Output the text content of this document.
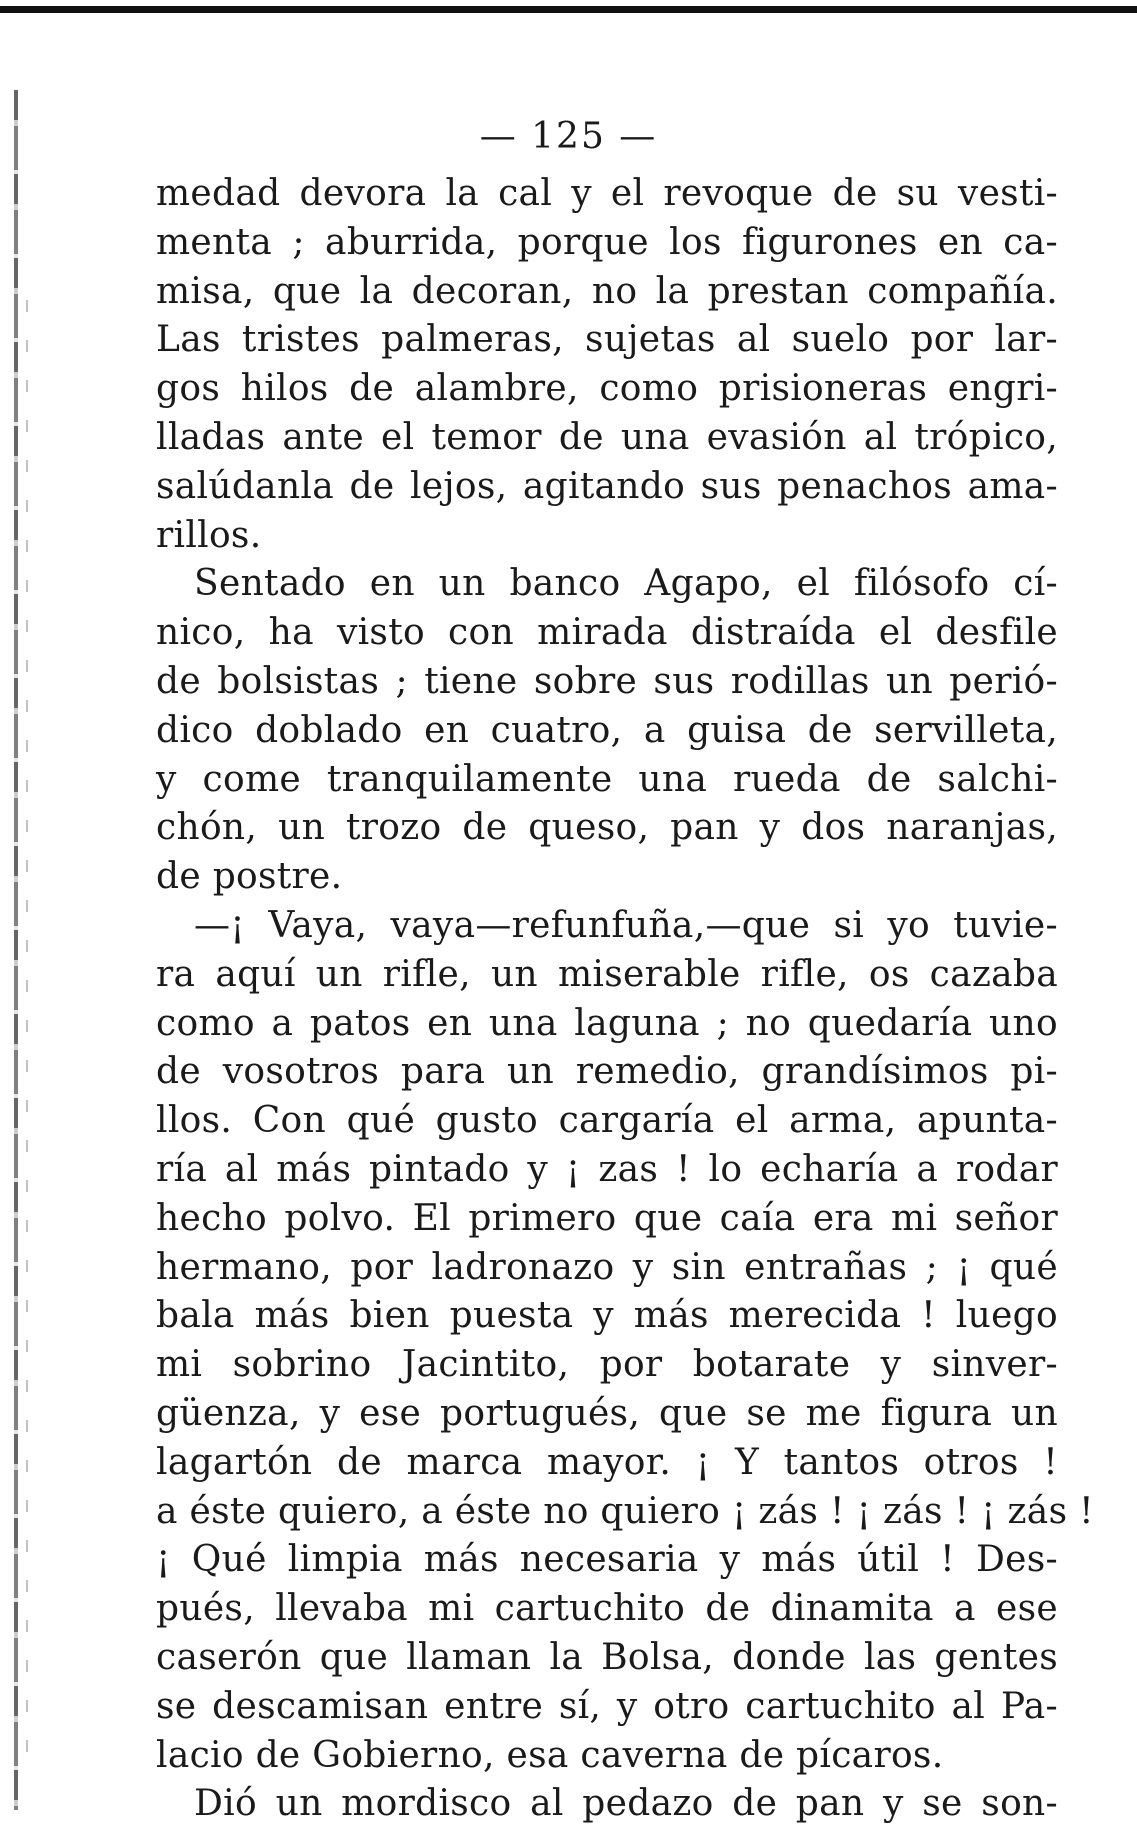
— 125 —
medad devora la cal y el revoque de su vesti-
menta ; aburrida, porque los figurones en ca-
misa, que la decoran, no la prestan compañía.
Las tristes palmeras, sujetas al suelo por lar-
gos hilos de alambre, como prisioneras engri-
lladas ante el temor de una evasión al trópico,
salúdanla de lejos, agitando sus penachos ama-
rillos.
Sentado en un banco Agapo, el filósofo cí-
nico, ha visto con mirada distraída el desfile
de bolsistas ; tiene sobre sus rodillas un perió-
dico doblado en cuatro, a guisa de servilleta,
y come tranquilamente una rueda de salchi-
chón, un trozo de queso, pan y dos naranjas,
de postre.
—¡ Vaya, vaya—refunfuña,—que si yo tuvie-
ra aquí un rifle, un miserable rifle, os cazaba
como a patos en una laguna ; no quedaría uno
de vosotros para un remedio, grandísimos pi-
llos. Con qué gusto cargaría el arma, apunta-
ría al más pintado y ¡ zas ! lo echaría a rodar
hecho polvo. El primero que caía era mi señor
hermano, por ladronazo y sin entrañas ; ¡ qué
bala más bien puesta y más merecida ! luego
mi sobrino Jacintito, por botarate y sinver-
güenza, y ese portugués, que se me figura un
lagartón de marca mayor. ¡ Y tantos otros !
a éste quiero, a éste no quiero ¡ zás ! ¡ zás ! ¡ zás !
¡ Qué limpia más necesaria y más útil ! Des-
pués, llevaba mi cartuchito de dinamita a ese
caserón que llaman la Bolsa, donde las gentes
se descamisan entre sí, y otro cartuchito al Pa-
lacio de Gobierno, esa caverna de pícaros.
Dió un mordisco al pedazo de pan y se son-
